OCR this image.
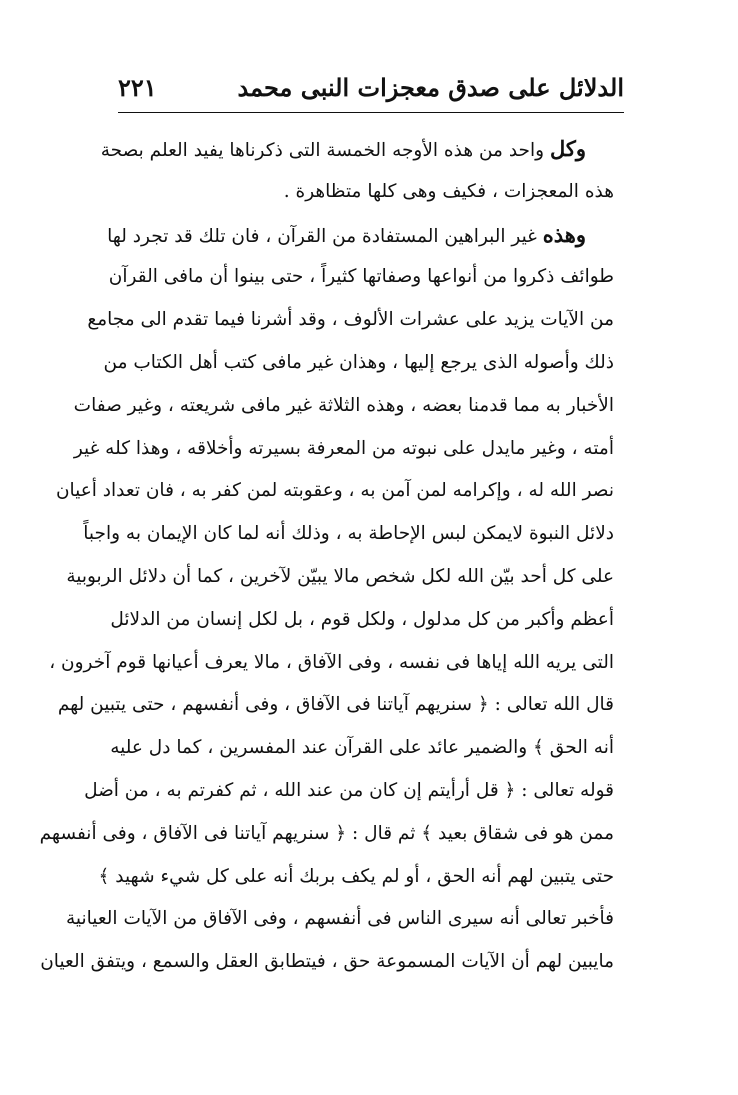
الدلائل على صدق معجزات النبى محمد
٢٢١
وكل واحد من هذه الأوجه الخمسة التى ذكرناها يفيد العلم بصحة
هذه المعجزات ، فكيف وهى كلها متظاهرة .
وهذه غير البراهين المستفادة من القرآن ، فان تلك قد تجرد لها
طوائف ذكروا من أنواعها وصفاتها كثيراً ، حتى بينوا أن مافى القرآن
من الآيات يزيد على عشرات الألوف ، وقد أشرنا فيما تقدم الى مجامع
ذلك وأصوله الذى يرجع إليها ، وهذان غير مافى كتب أهل الكتاب من
الأخبار به مما قدمنا بعضه ، وهذه الثلاثة غير مافى شريعته ، وغير صفات
أمته ، وغير مايدل على نبوته من المعرفة بسيرته وأخلاقه ، وهذا كله غير
نصر الله له ، وإكرامه لمن آمن به ، وعقوبته لمن كفر به ، فان تعداد أعيان
دلائل النبوة لايمكن لبس الإحاطة به ، وذلك أنه لما كان الإيمان به واجباً
على كل أحد بيّن الله لكل شخص مالا يبيّن لآخرين ، كما أن دلائل الربوبية
أعظم وأكبر من كل مدلول ، ولكل قوم ، بل لكل إنسان من الدلائل
التى يريه الله إياها فى نفسه ، وفى الآفاق ، مالا يعرف أعيانها قوم آخرون ،
قال الله تعالى : ﴿ سنريهم آياتنا فى الآفاق ، وفى أنفسهم ، حتى يتبين لهم
أنه الحق ﴾ والضمير عائد على القرآن عند المفسرين ، كما دل عليه
قوله تعالى : ﴿ قل أرأيتم إن كان من عند الله ، ثم كفرتم به ، من أضل
ممن هو فى شقاق بعيد ﴾ ثم قال : ﴿ سنريهم آياتنا فى الآفاق ، وفى أنفسهم
حتى يتبين لهم أنه الحق ، أو لم يكف بربك أنه على كل شيء شهيد ﴾
فأخبر تعالى أنه سيرى الناس فى أنفسهم ، وفى الآفاق من الآيات العيانية
مايبين لهم أن الآيات المسموعة حق ، فيتطابق العقل والسمع ، ويتفق العيان
